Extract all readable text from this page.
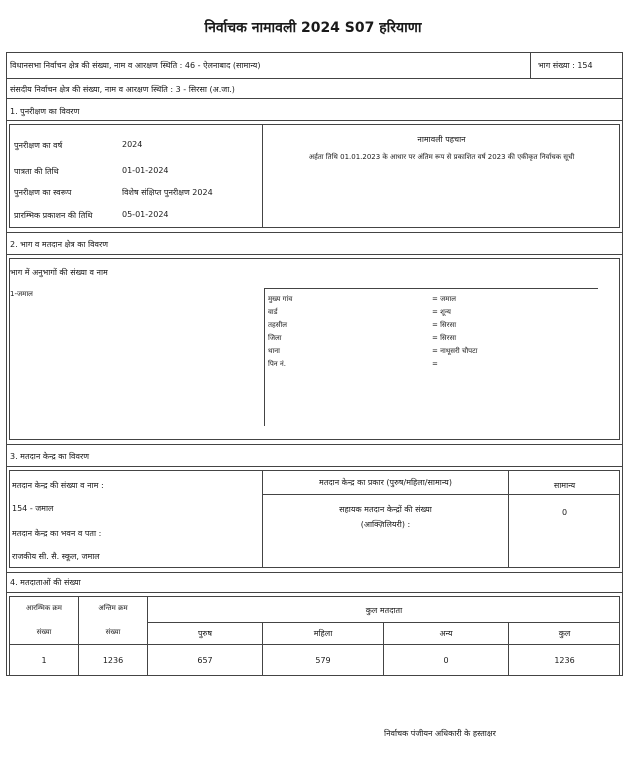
निर्वाचक नामावली 2024 S07 हरियाणा
विधानसभा निर्वाचन क्षेत्र की संख्या, नाम व आरक्षण स्थिति : 46 - ऐलनाबाद (सामान्य)	भाग संख्या : 154
संसदीय निर्वाचन क्षेत्र की संख्या, नाम व आरक्षण स्थिति : 3 - सिरसा (अ.जा.)
1. पुनरीक्षण का विवरण
पुनरीक्षण का वर्ष	2024
पात्रता की तिथि	01-01-2024
पुनरीक्षण का स्वरूप	विशेष संक्षिप्त पुनरीक्षण 2024
प्रारम्भिक प्रकाशन की तिथि	05-01-2024
नामावली पहचान
अर्हता तिथि 01.01.2023 के आधार पर अंतिम रूप से प्रकाशित वर्ष 2023 की एकीकृत निर्वाचक सूची
2. भाग व मतदान क्षेत्र का विवरण
भाग में अनुभागों की संख्या व नाम
1-जमाल
मुख्य गांव	= जमाल
वार्ड	= शून्य
तहसील	= सिरसा
जिला	= सिरसा
थाना	= नाथूसरी चौपटा
पिन नं.	=
3. मतदान केन्द्र का विवरण
मतदान केन्द्र की संख्या व नाम :
154 - जमाल
मतदान केन्द्र का भवन व पता :
राजकीय सी. सै. स्कूल, जमाल
मतदान केन्द्र का प्रकार (पुरुष/महिला/सामान्य)	सामान्य
सहायक मतदान केन्द्रों की संख्या
(आक्ज़िलियरी) :
0
4. मतदाताओं की संख्या
आरम्भिक क्रम
संख्या
अन्तिम क्रम
संख्या
कुल मतदाता
पुरुष	महिला	अन्य	कुल
1	1236	657	579	0	1236
निर्वाचक पंजीयन अधिकारी के हस्ताक्षर
